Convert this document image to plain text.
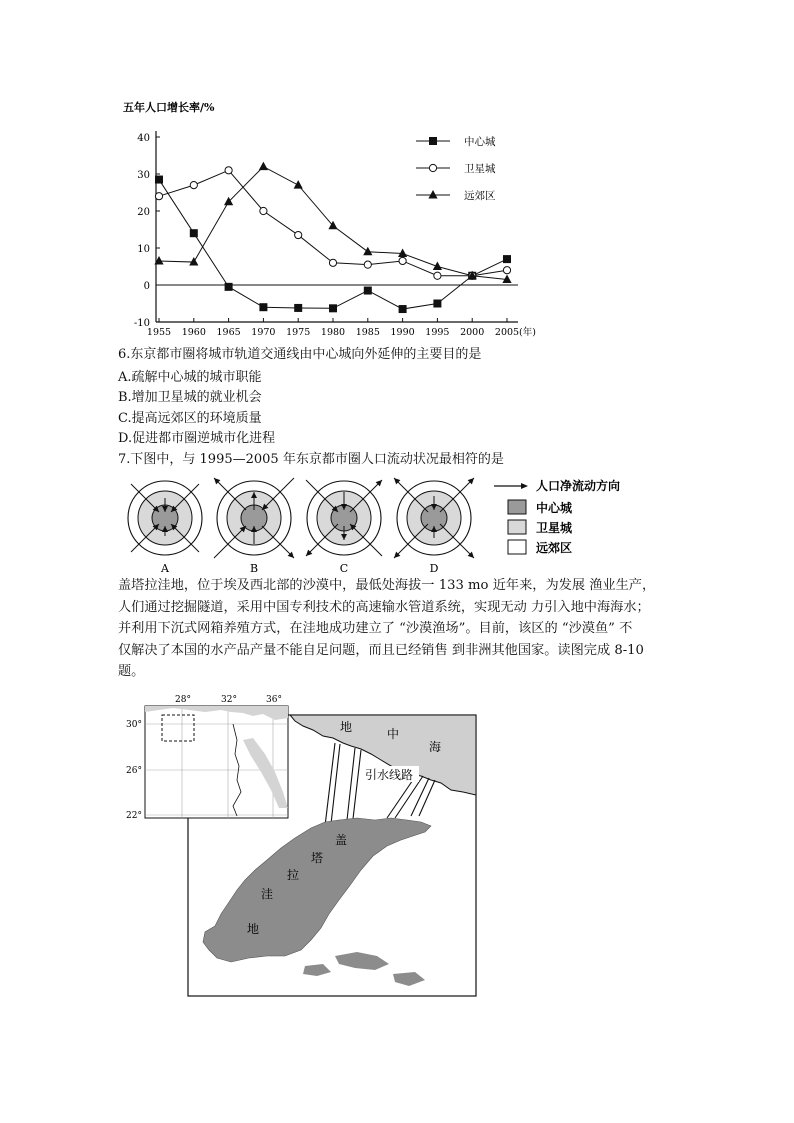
五年人口增长率/%
-10
0
10
20
30
40
1955 1960 1965 1970 1975 1980 1985 1990 1995 2000 2005 (年)
中心城
卫星城
远郊区
6.东京都市圈将城市轨道交通线由中心城向外延伸的主要目的是
A.疏解中心城的城市职能
B.增加卫星城的就业机会
C.提高远郊区的环境质量
D.促进都市圈逆城市化进程
7.下图中，与 1995—2005 年东京都市圈人口流动状况最相符的是
A	B	C	D
人口净流动方向
中心城
卫星城
远郊区
盖塔拉洼地，位于埃及西北部的沙漠中，最低处海拔一 133 mo 近年来，为发展 渔业生产，
人们通过挖掘隧道，采用中国专利技术的高速输水管道系统，实现无动 力引入地中海海水；
并利用下沉式网箱养殖方式，在洼地成功建立了 “沙漠渔场”。目前，该区的 “沙漠鱼” 不
仅解决了本国的水产品产量不能自足问题，而且已经销售 到非洲其他国家。读图完成 8-10
题。
地	中
海
引水线路
盖
塔
拉
洼
地
28°	32°	36°
30°
26°
22°
